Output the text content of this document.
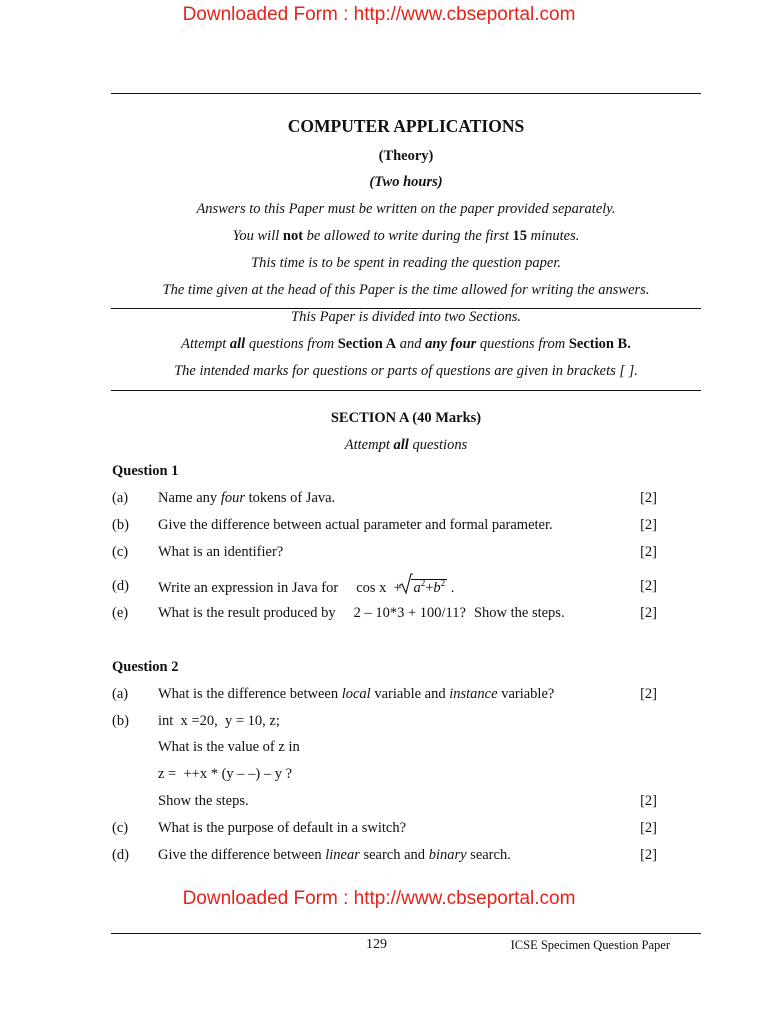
Downloaded Form : http://www.cbseportal.com
COMPUTER APPLICATIONS
(Theory)
(Two hours)
Answers to this Paper must be written on the paper provided separately.
You will not be allowed to write during the first 15 minutes.
This time is to be spent in reading the question paper.
The time given at the head of this Paper is the time allowed for writing the answers.
This Paper is divided into two Sections.
Attempt all questions from Section A and any four questions from Section B.
The intended marks for questions or parts of questions are given in brackets [ ].
SECTION A (40 Marks)
Attempt all questions
Question 1
(a) Name any four tokens of Java.	[2]
(b) Give the difference between actual parameter and formal parameter.	[2]
(c) What is an identifier?	[2]
(d) Write an expression in Java for $\cos x + a^2+b^2$ .	[2]
(e) What is the result produced by 2 – 10*3 + 100/11? Show the steps.	[2]
Question 2
(a) What is the difference between local variable and instance variable?	[2]
(b) int  x =20,  y = 10, z;
What is the value of z in
z =  ++x * (y – –) – y ?
Show the steps.	[2]
(c) What is the purpose of default in a switch?	[2]
(d) Give the difference between linear search and binary search.	[2]
Downloaded Form : http://www.cbseportal.com
129	ICSE Specimen Question Paper
